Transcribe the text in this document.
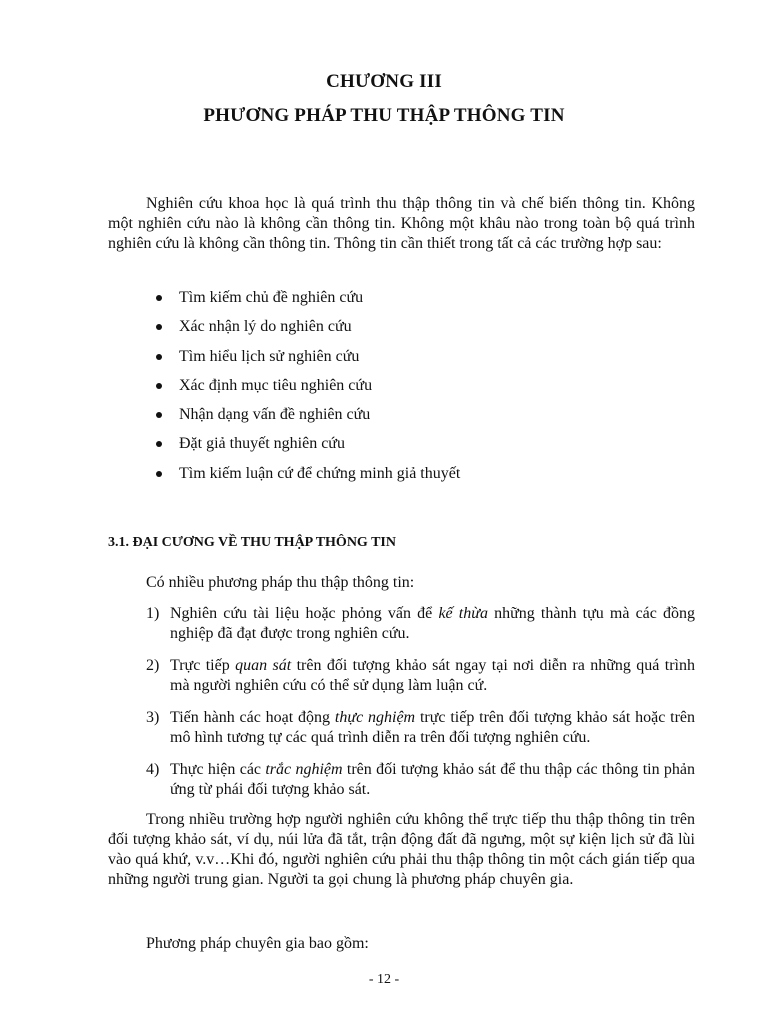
CHƯƠNG III
PHƯƠNG PHÁP THU THẬP THÔNG TIN
Nghiên cứu khoa học là quá trình thu thập thông tin và chế biến thông tin. Không một nghiên cứu nào là không cần thông tin. Không một khâu nào trong toàn bộ quá trình nghiên cứu là không cần thông tin. Thông tin cần thiết trong tất cả các trường hợp sau:
Tìm kiếm chủ đề nghiên cứu
Xác nhận lý do nghiên cứu
Tìm hiểu lịch sử nghiên cứu
Xác định mục tiêu nghiên cứu
Nhận dạng vấn đề nghiên cứu
Đặt giả thuyết nghiên cứu
Tìm kiếm luận cứ để chứng minh giả thuyết
3.1. ĐẠI CƯƠNG VỀ THU THẬP THÔNG TIN
Có nhiều phương pháp thu thập thông tin:
1) Nghiên cứu tài liệu hoặc phỏng vấn để kế thừa những thành tựu mà các đồng nghiệp đã đạt được trong nghiên cứu.
2) Trực tiếp quan sát trên đối tượng khảo sát ngay tại nơi diễn ra những quá trình mà người nghiên cứu có thể sử dụng làm luận cứ.
3) Tiến hành các hoạt động thực nghiệm trực tiếp trên đối tượng khảo sát hoặc trên mô hình tương tự các quá trình diễn ra trên đối tượng nghiên cứu.
4) Thực hiện các trắc nghiệm trên đối tượng khảo sát để thu thập các thông tin phản ứng từ phái đối tượng khảo sát.
Trong nhiều trường hợp người nghiên cứu không thể trực tiếp thu thập thông tin trên đối tượng khảo sát, ví dụ, núi lửa đã tắt, trận động đất đã ngưng, một sự kiện lịch sử đã lùi vào quá khứ, v.v…Khi đó, người nghiên cứu phải thu thập thông tin một cách gián tiếp qua những người trung gian. Người ta gọi chung là phương pháp chuyên gia.
Phương pháp chuyên gia bao gồm:
- 12 -
